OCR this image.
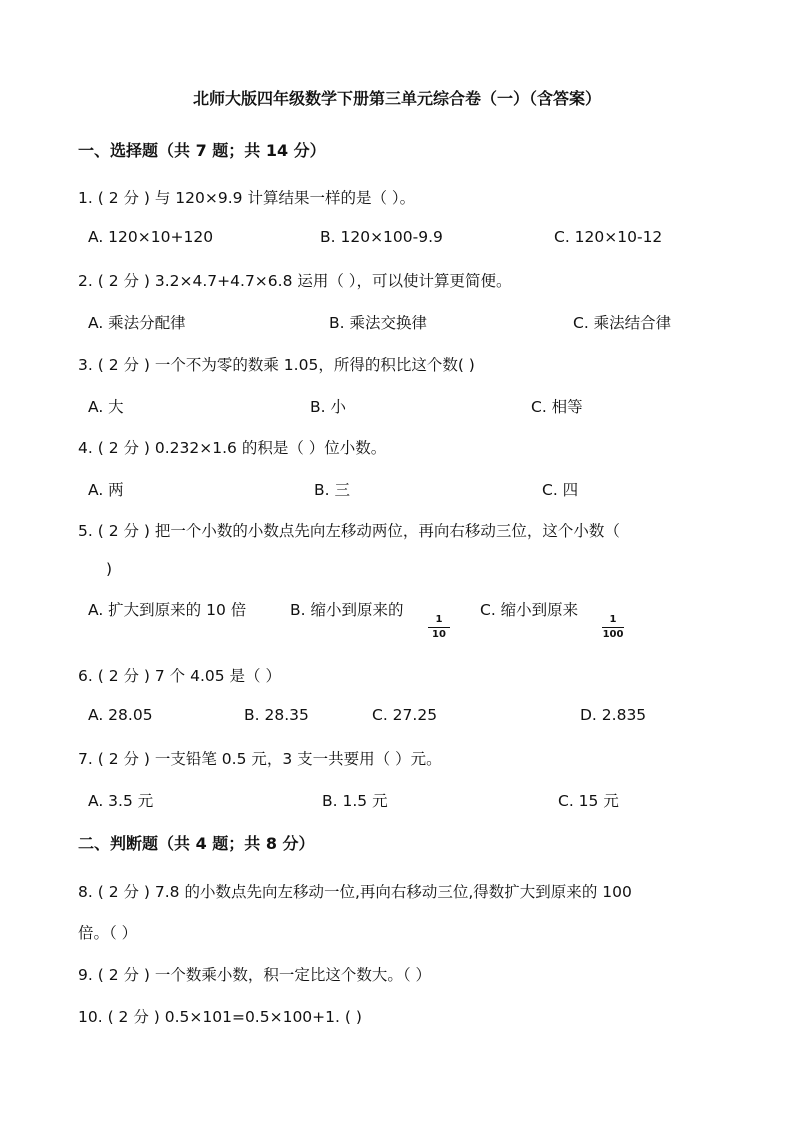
北师大版四年级数学下册第三单元综合卷（一）（含答案）
一、选择题（共 7 题；共 14 分）
1. ( 2 分 ) 与 120×9.9 计算结果一样的是（ ）。
A. 120×10+120	B. 120×100-9.9	C. 120×10-12
2. ( 2 分 ) 3.2×4.7+4.7×6.8 运用（ ），可以使计算更简便。
A. 乘法分配律	B. 乘法交换律	C. 乘法结合律
3. ( 2 分 ) 一个不为零的数乘 1.05，所得的积比这个数( )
A. 大	B. 小	C. 相等
4. ( 2 分 ) 0.232×1.6 的积是（ ）位小数。
A. 两	B. 三	C. 四
5. ( 2 分 ) 把一个小数的小数点先向左移动两位，再向右移动三位，这个小数（
)
A. 扩大到原来的 10 倍	B. 缩小到原来的	C. 缩小到原来
1
10
1
100
6. ( 2 分 ) 7 个 4.05 是（ ）
A. 28.05	B. 28.35	C. 27.25	D. 2.835
7. ( 2 分 ) 一支铅笔 0.5 元，3 支一共要用（ ）元。
A. 3.5 元	B. 1.5 元	C. 15 元
二、判断题（共 4 题；共 8 分）
8. ( 2 分 ) 7.8 的小数点先向左移动一位,再向右移动三位,得数扩大到原来的 100
倍。（ ）
9. ( 2 分 ) 一个数乘小数，积一定比这个数大。（ ）
10. ( 2 分 ) 0.5×101=0.5×100+1. ( )
